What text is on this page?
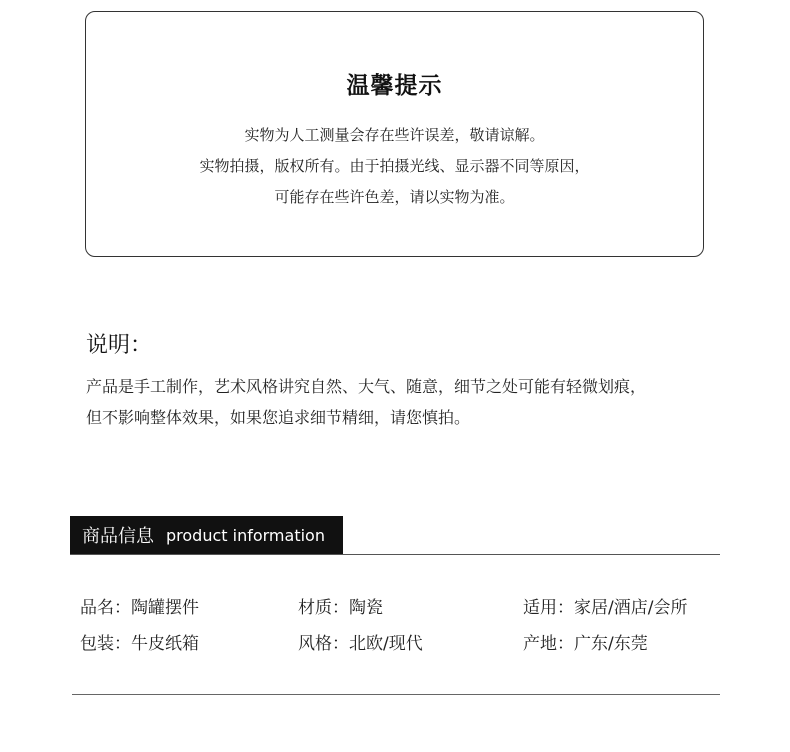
温馨提示
实物为人工测量会存在些许误差，敬请谅解。
实物拍摄，版权所有。由于拍摄光线、显示器不同等原因，
可能存在些许色差，请以实物为准。
说明：
产品是手工制作，艺术风格讲究自然、大气、随意，细节之处可能有轻微划痕，
但不影响整体效果，如果您追求细节精细，请您慎拍。
商品信息 product information
品名：陶罐摆件	材质：陶瓷	适用：家居/酒店/会所
包装：牛皮纸箱	风格：北欧/现代	产地：广东/东莞
